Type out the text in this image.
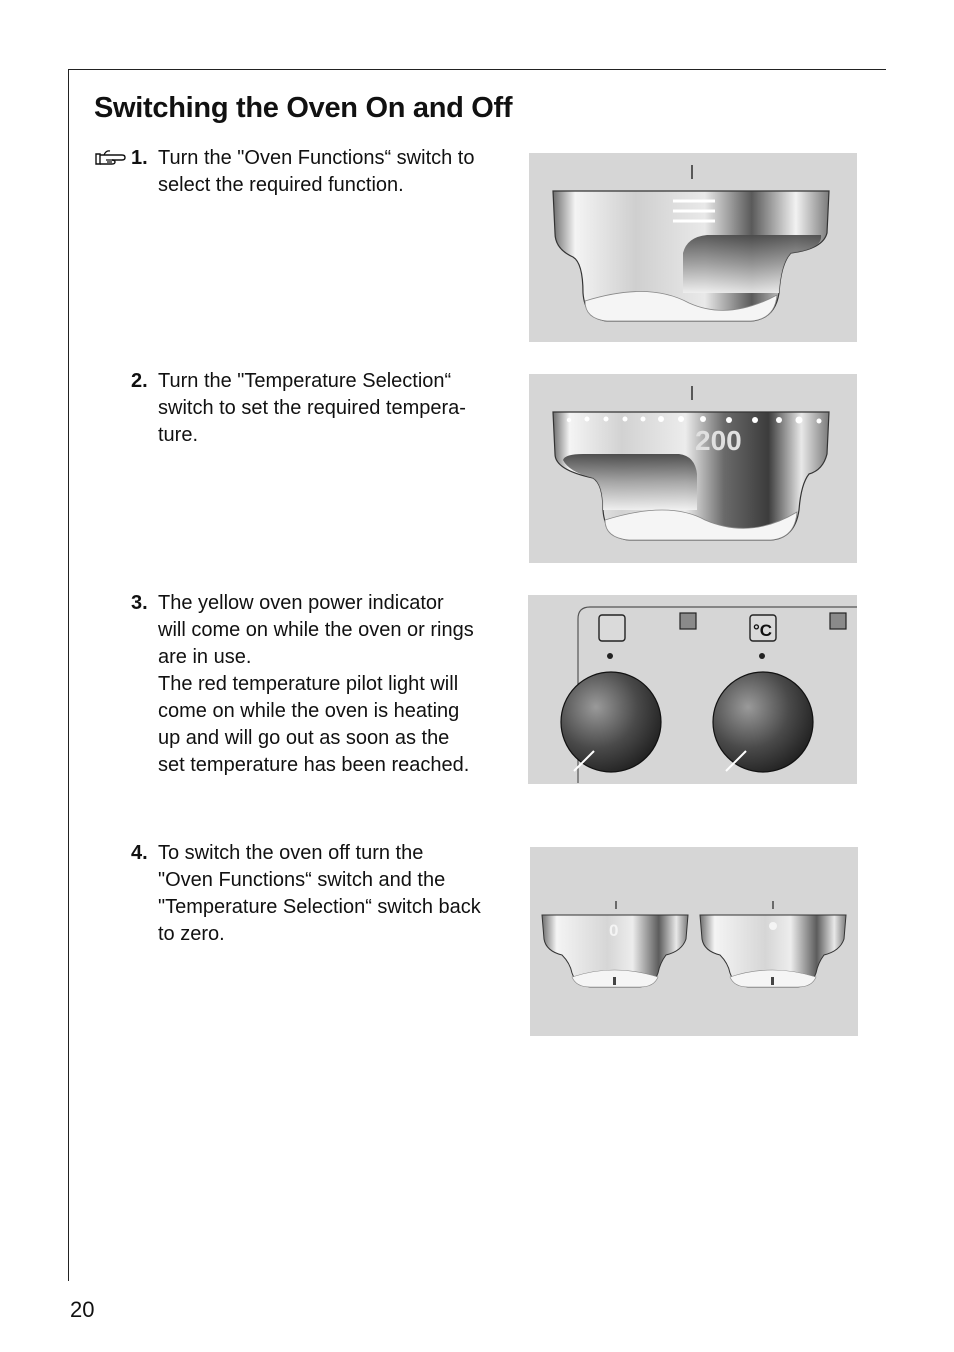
Switching the Oven On and Off
1. Turn the "Oven Functions“ switch to
select the required function.
2. Turn the "Temperature Selection“
switch to set the required tempera-
ture.
3. The yellow oven power indicator
will come on while the oven or rings
are in use.
The red temperature pilot light will
come on while the oven is heating
up and will go out as soon as the
set temperature has been reached.
4. To switch the oven off turn the
"Oven Functions“ switch and the
"Temperature Selection“ switch back
to zero.
200
°C
0
20
